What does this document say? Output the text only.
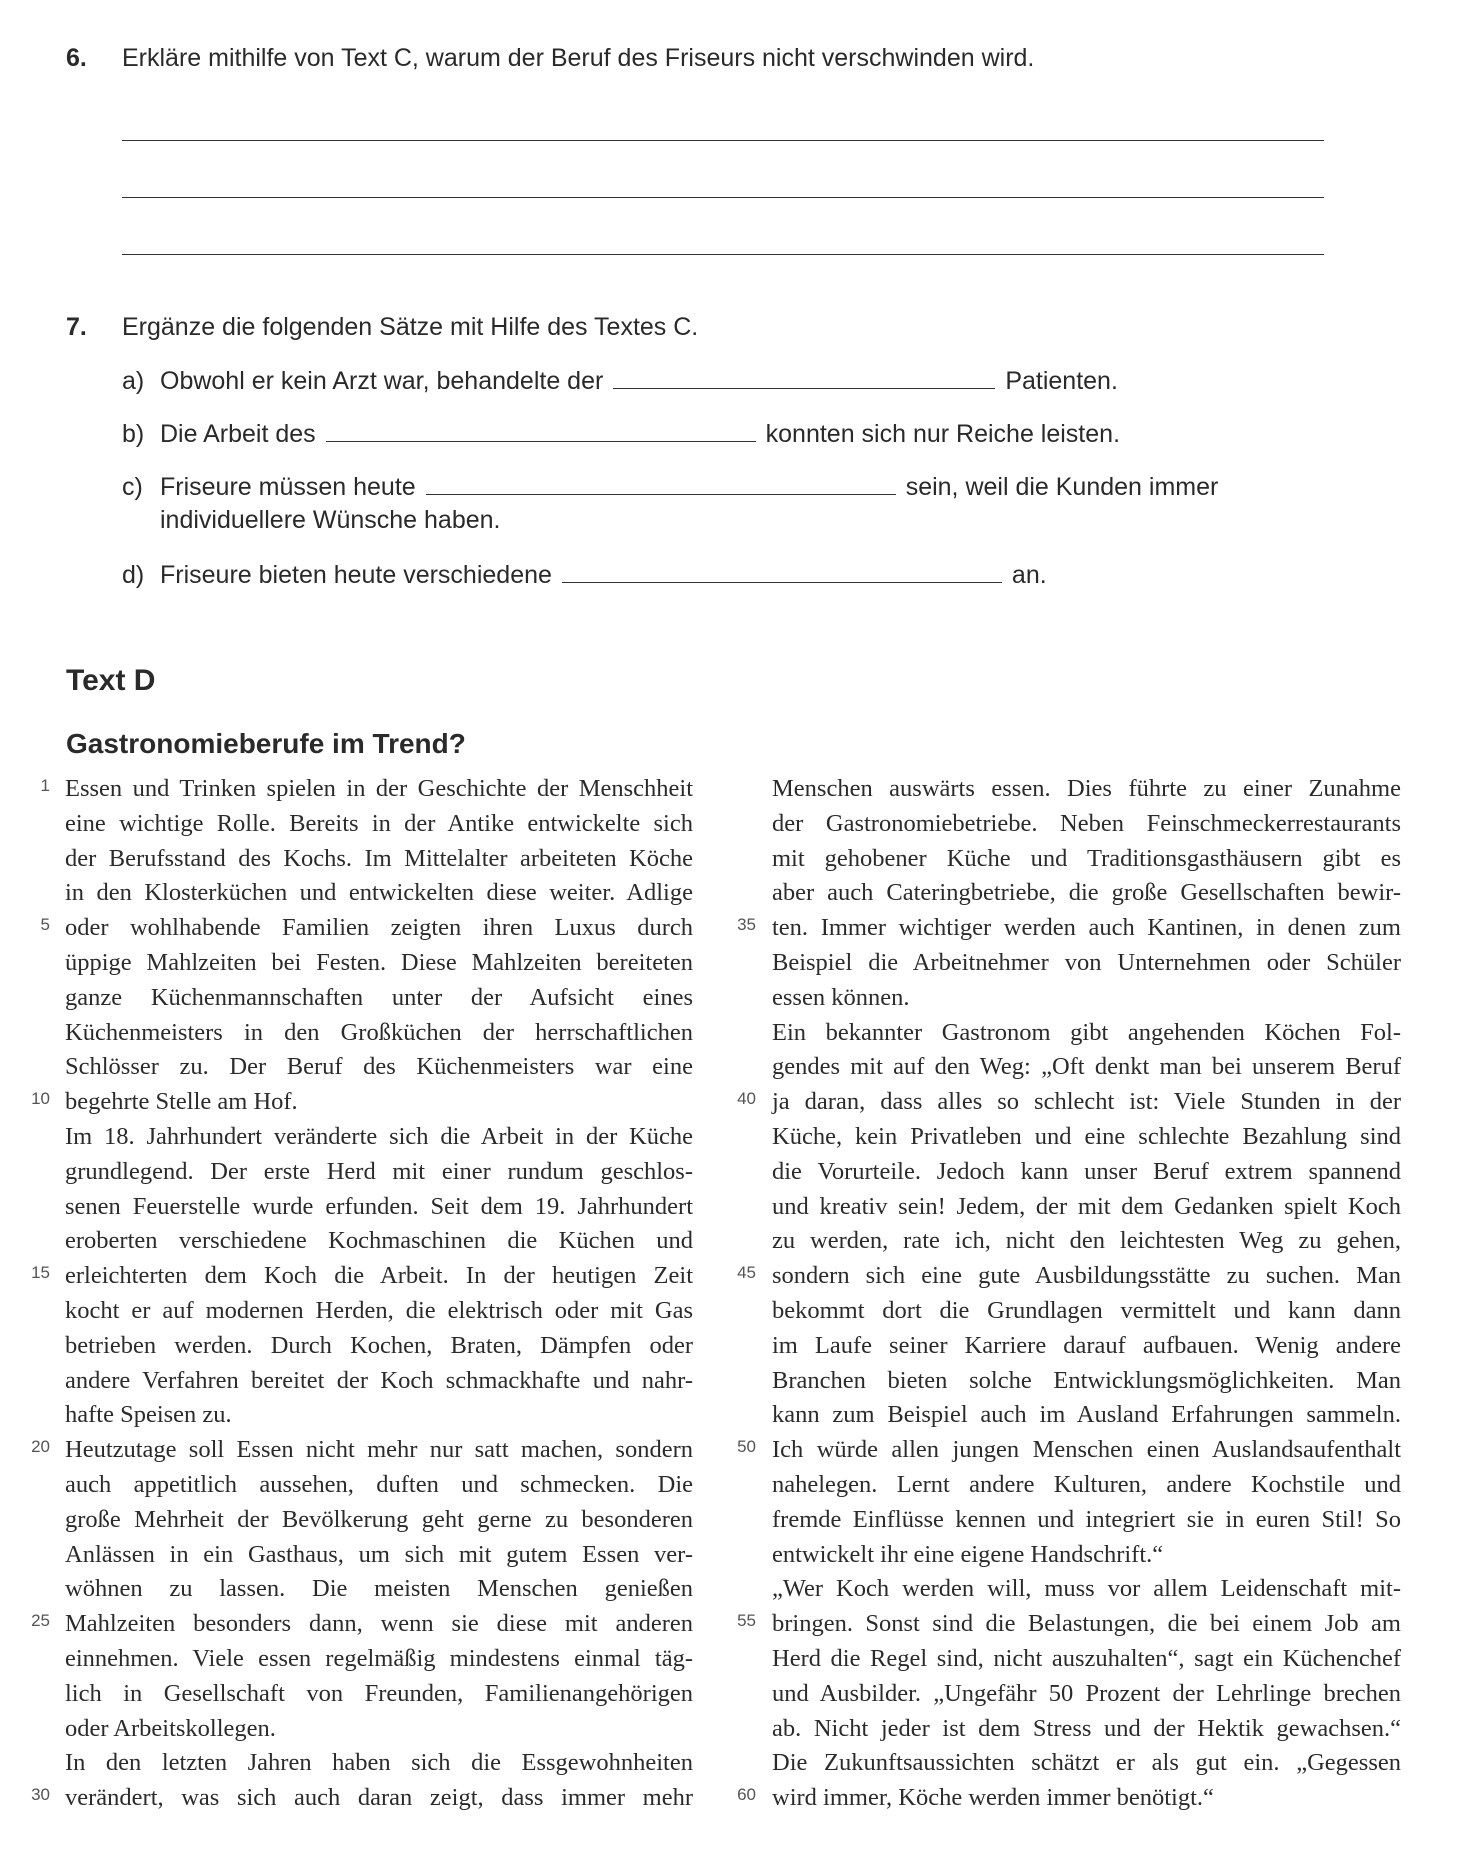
6. Erkläre mithilfe von Text C, warum der Beruf des Friseurs nicht verschwinden wird.
7. Ergänze die folgenden Sätze mit Hilfe des Textes C.
a) Obwohl er kein Arzt war, behandelte der	Patienten.
b) Die Arbeit des	konnten sich nur Reiche leisten.
c) Friseure müssen heute	sein, weil die Kunden immer
individuellere Wünsche haben.
d) Friseure bieten heute verschiedene	an.
Text D
Gastronomieberufe im Trend?
1
5
10
15
20
25
30
35
40
45
50
55
60
Essen und Trinken spielen in der Geschichte der Menschheit
eine wichtige Rolle. Bereits in der Antike entwickelte sich
der Berufsstand des Kochs. Im Mittelalter arbeiteten Köche
in den Klosterküchen und entwickelten diese weiter. Adlige
oder wohlhabende Familien zeigten ihren Luxus durch
üppige Mahlzeiten bei Festen. Diese Mahlzeiten bereiteten
ganze Küchenmannschaften unter der Aufsicht eines
Küchenmeisters in den Großküchen der herrschaftlichen
Schlösser zu. Der Beruf des Küchenmeisters war eine
begehrte Stelle am Hof.
Im 18. Jahrhundert veränderte sich die Arbeit in der Küche
grundlegend. Der erste Herd mit einer rundum geschlos-
senen Feuerstelle wurde erfunden. Seit dem 19. Jahrhundert
eroberten verschiedene Kochmaschinen die Küchen und
erleichterten dem Koch die Arbeit. In der heutigen Zeit
kocht er auf modernen Herden, die elektrisch oder mit Gas
betrieben werden. Durch Kochen, Braten, Dämpfen oder
andere Verfahren bereitet der Koch schmackhafte und nahr-
hafte Speisen zu.
Heutzutage soll Essen nicht mehr nur satt machen, sondern
auch appetitlich aussehen, duften und schmecken. Die
große Mehrheit der Bevölkerung geht gerne zu besonderen
Anlässen in ein Gasthaus, um sich mit gutem Essen ver-
wöhnen zu lassen. Die meisten Menschen genießen
Mahlzeiten besonders dann, wenn sie diese mit anderen
einnehmen. Viele essen regelmäßig mindestens einmal täg-
lich in Gesellschaft von Freunden, Familienangehörigen
oder Arbeitskollegen.
In den letzten Jahren haben sich die Essgewohnheiten
verändert, was sich auch daran zeigt, dass immer mehr
Menschen auswärts essen. Dies führte zu einer Zunahme
der Gastronomiebetriebe. Neben Feinschmeckerrestaurants
mit gehobener Küche und Traditionsgasthäusern gibt es
aber auch Cateringbetriebe, die große Gesellschaften bewir-
ten. Immer wichtiger werden auch Kantinen, in denen zum
Beispiel die Arbeitnehmer von Unternehmen oder Schüler
essen können.
Ein bekannter Gastronom gibt angehenden Köchen Fol-
gendes mit auf den Weg: „Oft denkt man bei unserem Beruf
ja daran, dass alles so schlecht ist: Viele Stunden in der
Küche, kein Privatleben und eine schlechte Bezahlung sind
die Vorurteile. Jedoch kann unser Beruf extrem spannend
und kreativ sein! Jedem, der mit dem Gedanken spielt Koch
zu werden, rate ich, nicht den leichtesten Weg zu gehen,
sondern sich eine gute Ausbildungsstätte zu suchen. Man
bekommt dort die Grundlagen vermittelt und kann dann
im Laufe seiner Karriere darauf aufbauen. Wenig andere
Branchen bieten solche Entwicklungsmöglichkeiten. Man
kann zum Beispiel auch im Ausland Erfahrungen sammeln.
Ich würde allen jungen Menschen einen Auslandsaufenthalt
nahelegen. Lernt andere Kulturen, andere Kochstile und
fremde Einflüsse kennen und integriert sie in euren Stil! So
entwickelt ihr eine eigene Handschrift.“
„Wer Koch werden will, muss vor allem Leidenschaft mit-
bringen. Sonst sind die Belastungen, die bei einem Job am
Herd die Regel sind, nicht auszuhalten“, sagt ein Küchenchef
und Ausbilder. „Ungefähr 50 Prozent der Lehrlinge brechen
ab. Nicht jeder ist dem Stress und der Hektik gewachsen.“
Die Zukunftsaussichten schätzt er als gut ein. „Gegessen
wird immer, Köche werden immer benötigt.“
